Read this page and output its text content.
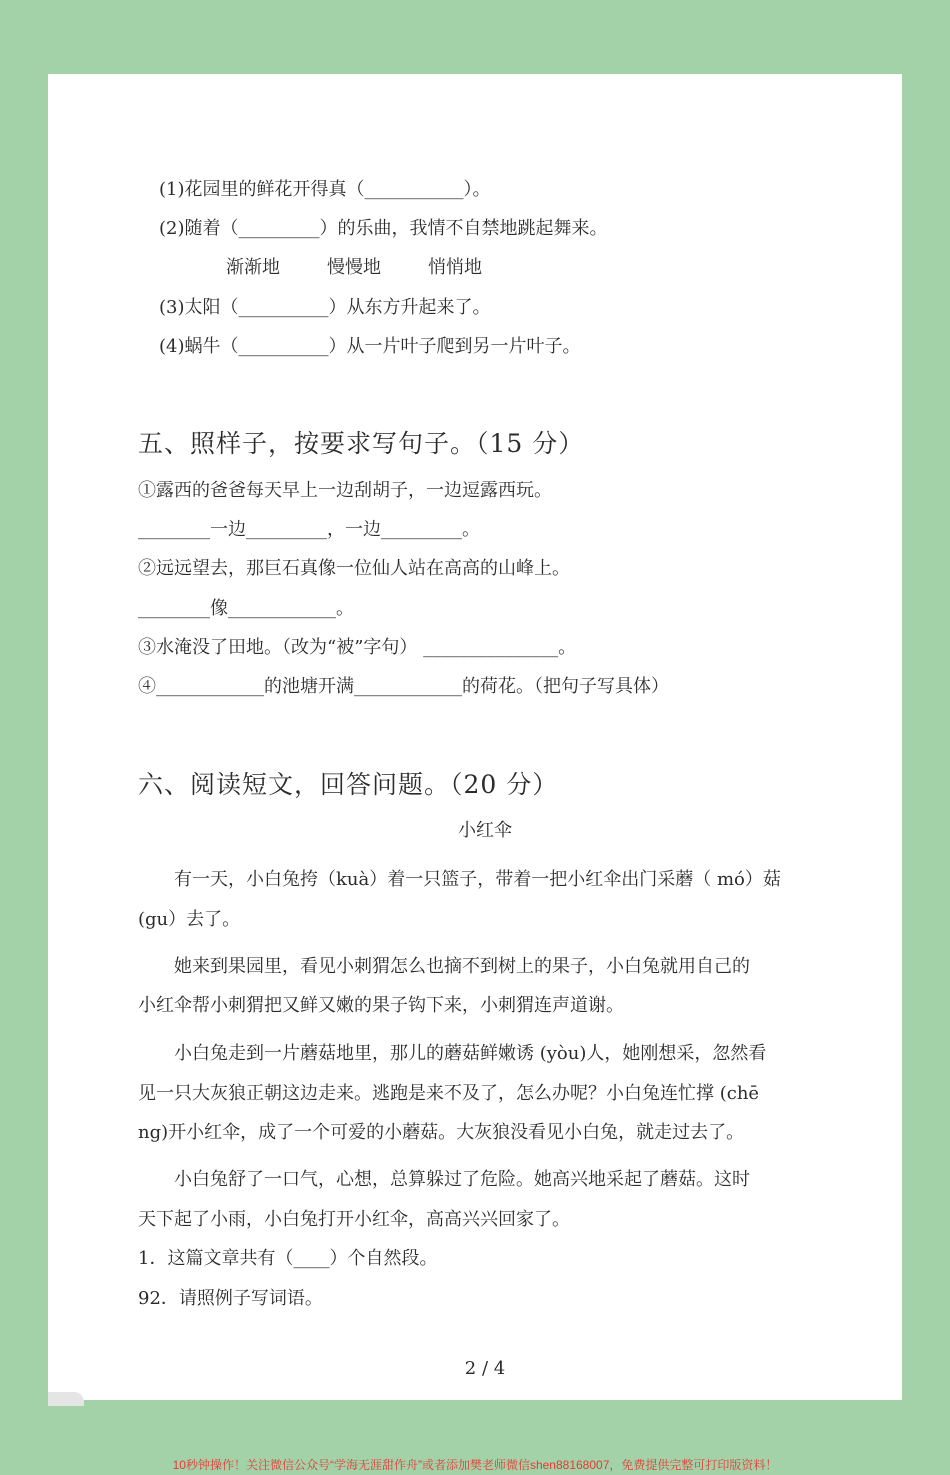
(1)花园里的鲜花开得真（___________）。
(2)随着（_________）的乐曲，我情不自禁地跳起舞来。
渐渐地	慢慢地	悄悄地
(3)太阳（__________）从东方升起来了。
(4)蜗牛（__________）从一片叶子爬到另一片叶子。
五、照样子，按要求写句子。（15 分）
①露西的爸爸每天早上一边刮胡子，一边逗露西玩。
________一边_________，一边_________。
②远远望去，那巨石真像一位仙人站在高高的山峰上。
________像____________。
③水淹没了田地。（改为“被”字句） _______________。
④____________的池塘开满____________的荷花。（把句子写具体）
六、阅读短文，回答问题。（20 分）
小红伞
有一天，小白兔挎（kuà）着一只篮子，带着一把小红伞出门采蘑（ mó）菇
(gu）去了。
她来到果园里，看见小刺猬怎么也摘不到树上的果子，小白兔就用自己的
小红伞帮小刺猬把又鲜又嫩的果子钩下来，小刺猬连声道谢。
小白兔走到一片蘑菇地里，那儿的蘑菇鲜嫩诱 (yòu)人，她刚想采，忽然看
见一只大灰狼正朝这边走来。逃跑是来不及了，怎么办呢？小白兔连忙撑 (chē
ng)开小红伞，成了一个可爱的小蘑菇。大灰狼没看见小白兔，就走过去了。
小白兔舒了一口气，心想，总算躲过了危险。她高兴地采起了蘑菇。这时
天下起了小雨，小白兔打开小红伞，高高兴兴回家了。
1．这篇文章共有（____）个自然段。
92．请照例子写词语。
2 / 4
10秒钟操作！关注微信公众号“学海无涯甜作舟”或者添加樊老师微信shen88168007，免费提供完整可打印版资料！
